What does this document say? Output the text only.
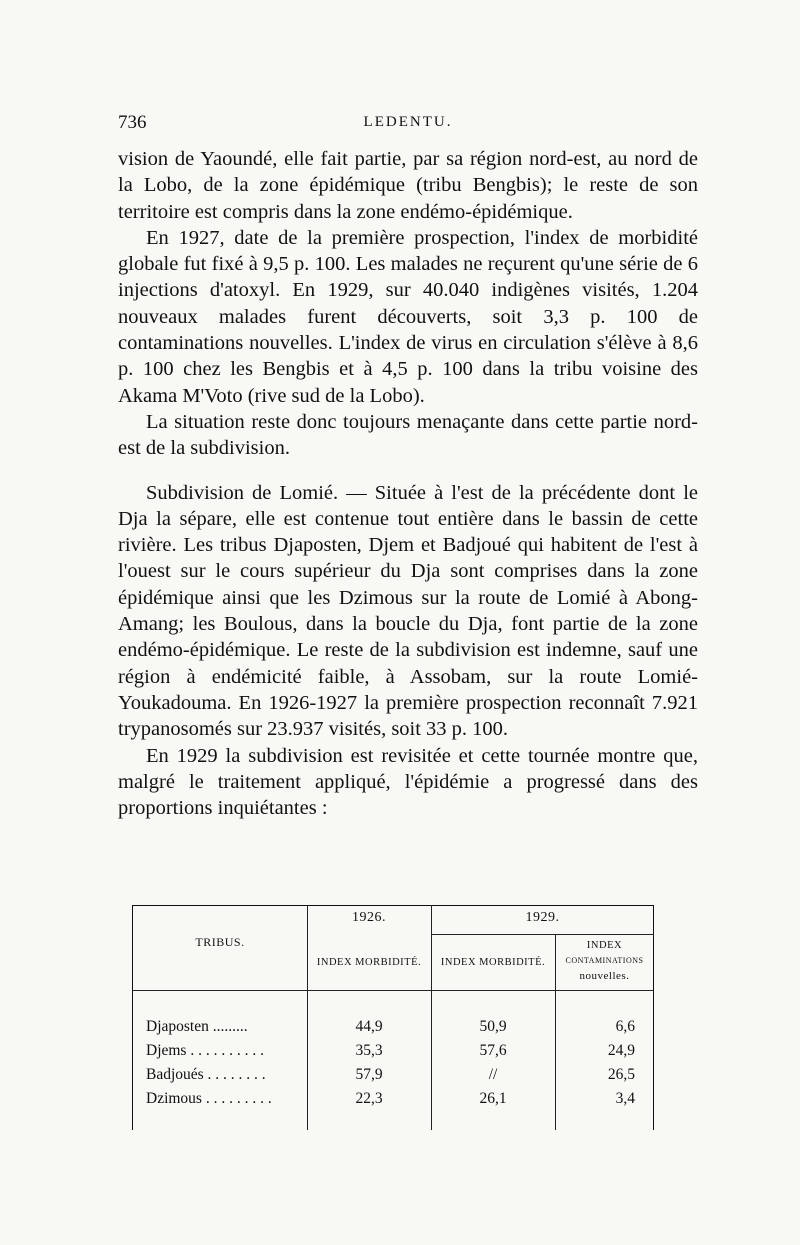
736	LEDENTU.

vision de Yaoundé, elle fait partie, par sa région nord-est, au nord de la Lobo, de la zone épidémique (tribu Bengbis); le reste de son territoire est compris dans la zone endémo-épidémique.

En 1927, date de la première prospection, l'index de morbidité globale fut fixé à 9,5 p. 100. Les malades ne reçurent qu'une série de 6 injections d'atoxyl. En 1929, sur 40.040 indigènes visités, 1.204 nouveaux malades furent découverts, soit 3,3 p. 100 de contaminations nouvelles. L'index de virus en circulation s'élève à 8,6 p. 100 chez les Bengbis et à 4,5 p. 100 dans la tribu voisine des Akama M'Voto (rive sud de la Lobo).

La situation reste donc toujours menaçante dans cette partie nord-est de la subdivision.

Subdivision de Lomié. — Située à l'est de la précédente dont le Dja la sépare, elle est contenue tout entière dans le bassin de cette rivière. Les tribus Djaposten, Djem et Badjoué qui habitent de l'est à l'ouest sur le cours supérieur du Dja sont comprises dans la zone épidémique ainsi que les Dzimous sur la route de Lomié à Abong-Amang; les Boulous, dans la boucle du Dja, font partie de la zone endémo-épidémique. Le reste de la subdivision est indemne, sauf une région à endémicité faible, à Assobam, sur la route Lomié-Youkadouma. En 1926-1927 la première prospection reconnaît 7.921 trypanosomés sur 23.937 visités, soit 33 p. 100.

En 1929 la subdivision est revisitée et cette tournée montre que, malgré le traitement appliqué, l'épidémie a progressé dans des proportions inquiétantes :

TRIBUS.
1926.	1929.
INDEX MORBIDITÉ.	INDEX MORBIDITÉ.
INDEX
CONTAMINATIONS
nouvelles.
Djaposten .........	44,9	50,9	6,6
Djems . . . . . . . . . .	35,3	57,6	24,9
Badjoués . . . . . . . .	57,9	//	26,5
Dzimous . . . . . . . . .	22,3	26,1	3,4
